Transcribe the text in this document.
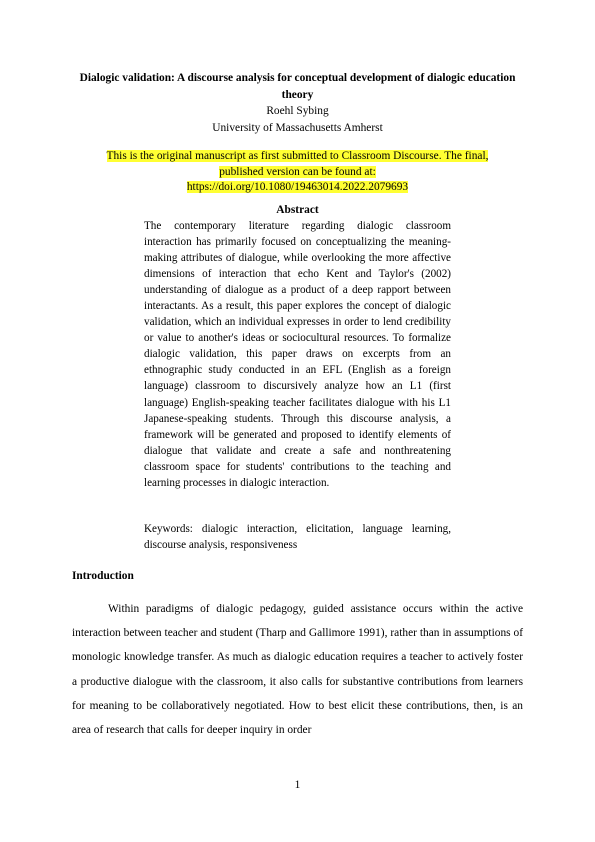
Dialogic validation: A discourse analysis for conceptual development of dialogic education theory
Roehl Sybing
University of Massachusetts Amherst
This is the original manuscript as first submitted to Classroom Discourse. The final,
published version can be found at:
https://doi.org/10.1080/19463014.2022.2079693
Abstract
The contemporary literature regarding dialogic classroom interaction has primarily focused on conceptualizing the meaning-making attributes of dialogue, while overlooking the more affective dimensions of interaction that echo Kent and Taylor's (2002) understanding of dialogue as a product of a deep rapport between interactants. As a result, this paper explores the concept of dialogic validation, which an individual expresses in order to lend credibility or value to another's ideas or sociocultural resources. To formalize dialogic validation, this paper draws on excerpts from an ethnographic study conducted in an EFL (English as a foreign language) classroom to discursively analyze how an L1 (first language) English-speaking teacher facilitates dialogue with his L1 Japanese-speaking students. Through this discourse analysis, a framework will be generated and proposed to identify elements of dialogue that validate and create a safe and nonthreatening classroom space for students' contributions to the teaching and learning processes in dialogic interaction.
Keywords: dialogic interaction, elicitation, language learning, discourse analysis, responsiveness
Introduction
Within paradigms of dialogic pedagogy, guided assistance occurs within the active interaction between teacher and student (Tharp and Gallimore 1991), rather than in assumptions of monologic knowledge transfer. As much as dialogic education requires a teacher to actively foster a productive dialogue with the classroom, it also calls for substantive contributions from learners for meaning to be collaboratively negotiated. How to best elicit these contributions, then, is an area of research that calls for deeper inquiry in order
1
